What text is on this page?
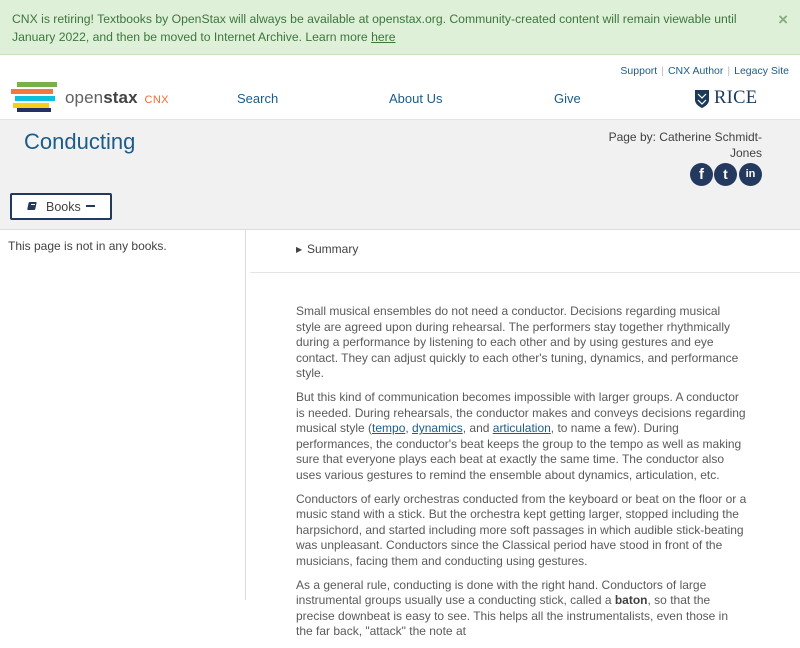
CNX is retiring! Textbooks by OpenStax will always be available at openstax.org. Community-created content will remain viewable until January 2022, and then be moved to Internet Archive. Learn more here
×
Support | CNX Author | Legacy Site
openstax CNX	Search	About Us	Give	RICE
Conducting	Page by: Catherine Schmidt-Jones
f	t	in
Books

This page is not in any books.	▶ Summary

Small musical ensembles do not need a conductor. Decisions regarding musical style are agreed upon during rehearsal. The performers stay together rhythmically during a performance by listening to each other and by using gestures and eye contact. They can adjust quickly to each other's tuning, dynamics, and performance style.

But this kind of communication becomes impossible with larger groups. A conductor is needed. During rehearsals, the conductor makes and conveys decisions regarding musical style (tempo, dynamics, and articulation, to name a few). During performances, the conductor's beat keeps the group to the tempo as well as making sure that everyone plays each beat at exactly the same time. The conductor also uses various gestures to remind the ensemble about dynamics, articulation, etc.

Conductors of early orchestras conducted from the keyboard or beat on the floor or a music stand with a stick. But the orchestra kept getting larger, stopped including the harpsichord, and started including more soft passages in which audible stick-beating was unpleasant. Conductors since the Classical period have stood in front of the musicians, facing them and conducting using gestures.

As a general rule, conducting is done with the right hand. Conductors of large instrumental groups usually use a conducting stick, called a baton, so that the precise downbeat is easy to see. This helps all the instrumentalists, even those in the far back, "attack" the note at
